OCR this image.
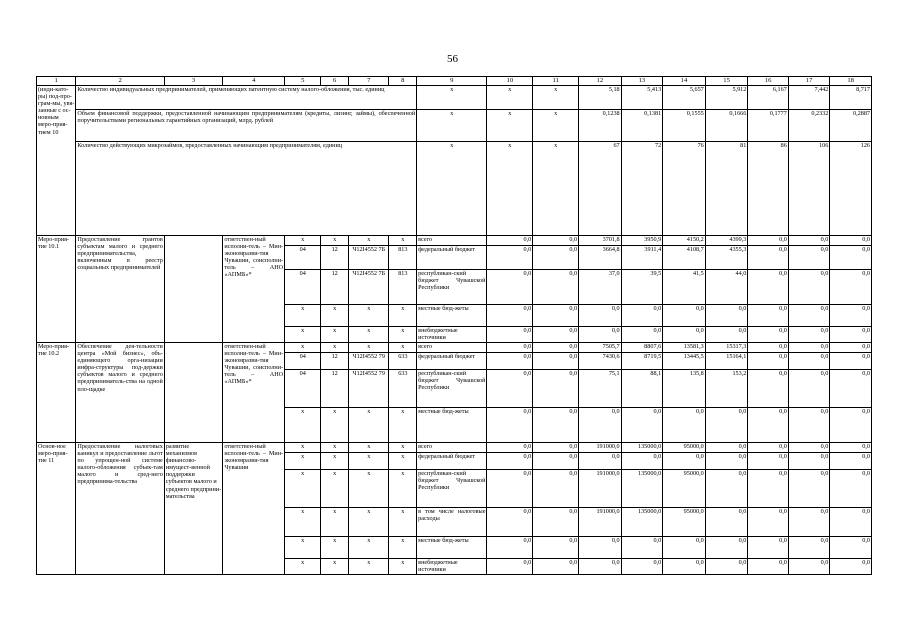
56
1	2	3	4	5	6	7	8	9	10	11	12	13	14	15	16	17	18
(инди-като-ры) под-про-грам-мы, увя-занные с ос-новным меро-прия-тием 10	Количество индивидуальных предпринимателей, применяющих патентную систему налого-обложения, тыс. единиц							x	x	x	5,18	5,413	5,657	5,912	6,167	7,442	8,717
	Объем финансовой поддержки, предоставленной начинающим предпринимателям (кредиты, лизинг, займы), обеспеченной поручительствами региональных гарантийных организаций, млрд. рублей							x	x	x	0,1238	0,1381	0,1555	0,1666	0,1777	0,2332	0,2887
	Количество действующих микрозаймов, предоставленных начинающим предпринимателям, единиц							x	x	x	67	72	76	81	86	106	126
Меро-прия-тие 10.1	Предоставление грантов субъектам малого и среднего предпринимательства, включенным в реестр социальных предпринимателей		ответствен-ный исполни-тель – Мин-экономразви-тия Чувашии, соисполни-тель – АНО «АПМБ»*	x	x	x	x	всего	0,0	0,0	3701,8	3950,9	4150,2	4399,3	0,0	0,0	0,0
				04	12	Ч12I4552 7Б	813	федеральный бюджет	0,0	0,0	3664,8	3911,4	4108,7	4355,3	0,0	0,0	0,0
				04	12	Ч12I4552 7Б	813	республикан-ский бюджет Чувашской Республики	0,0	0,0	37,0	39,5	41,5	44,0	0,0	0,0	0,0
				x	x	x	x	местные бюд-жеты	0,0	0,0	0,0	0,0	0,0	0,0	0,0	0,0	0,0
				x	x	x	x	внебюджетные источники	0,0	0,0	0,0	0,0	0,0	0,0	0,0	0,0	0,0
Меро-прия-тие 10.2	Обеспечение дея-тельности центра «Мой бизнес», объ-единяющего орга-низации инфра-структуры под-держки субъектов малого и среднего предприниматель-ства на одной пло-щадке		ответствен-ный исполни-тель – Мин-экономразви-тия Чувашии, соисполни-тель – АНО «АПМБ»*	x	x	x	x	всего	0,0	0,0	7505,7	8807,6	13581,3	15317,3	0,0	0,0	0,0
				04	12	Ч12I4552 79	633	федеральный бюджет	0,0	0,0	7430,6	8719,5	13445,5	15164,1	0,0	0,0	0,0
				04	12	Ч12I4552 79	633	республикан-ский бюджет Чувашской Республики	0,0	0,0	75,1	88,1	135,8	153,2	0,0	0,0	0,0
				x	x	x	x	местные бюд-жеты	0,0	0,0	0,0	0,0	0,0	0,0	0,0	0,0	0,0
Основ-ное меро-прия-тие 11	Предоставление налоговых каникул и предоставление льгот по упрощен-ной системе налого-обложения субъек-там малого и сред-него предпринима-тельства	развитие механизмов финансово-имущест-венной поддержки субъектов малого и среднего предприни-мательства	ответствен-ный исполни-тель – Мин-экономразви-тия Чувашии	x	x	x	x	всего	0,0	0,0	191000,0	135000,0	95000,0	0,0	0,0	0,0	0,0
				x	x	x	x	федеральный бюджет	0,0	0,0	0,0	0,0	0,0	0,0	0,0	0,0	0,0
				x	x	x	x	республикан-ский бюджет Чувашской Республики	0,0	0,0	191000,0	135000,0	95000,0	0,0	0,0	0,0	0,0
				x	x	x	x	в том числе налоговые расходы	0,0	0,0	191000,0	135000,0	95000,0	0,0	0,0	0,0	0,0
				x	x	x	x	местные бюд-жеты	0,0	0,0	0,0	0,0	0,0	0,0	0,0	0,0	0,0
				x	x	x	x	внебюджетные источники	0,0	0,0	0,0	0,0	0,0	0,0	0,0	0,0	0,0
